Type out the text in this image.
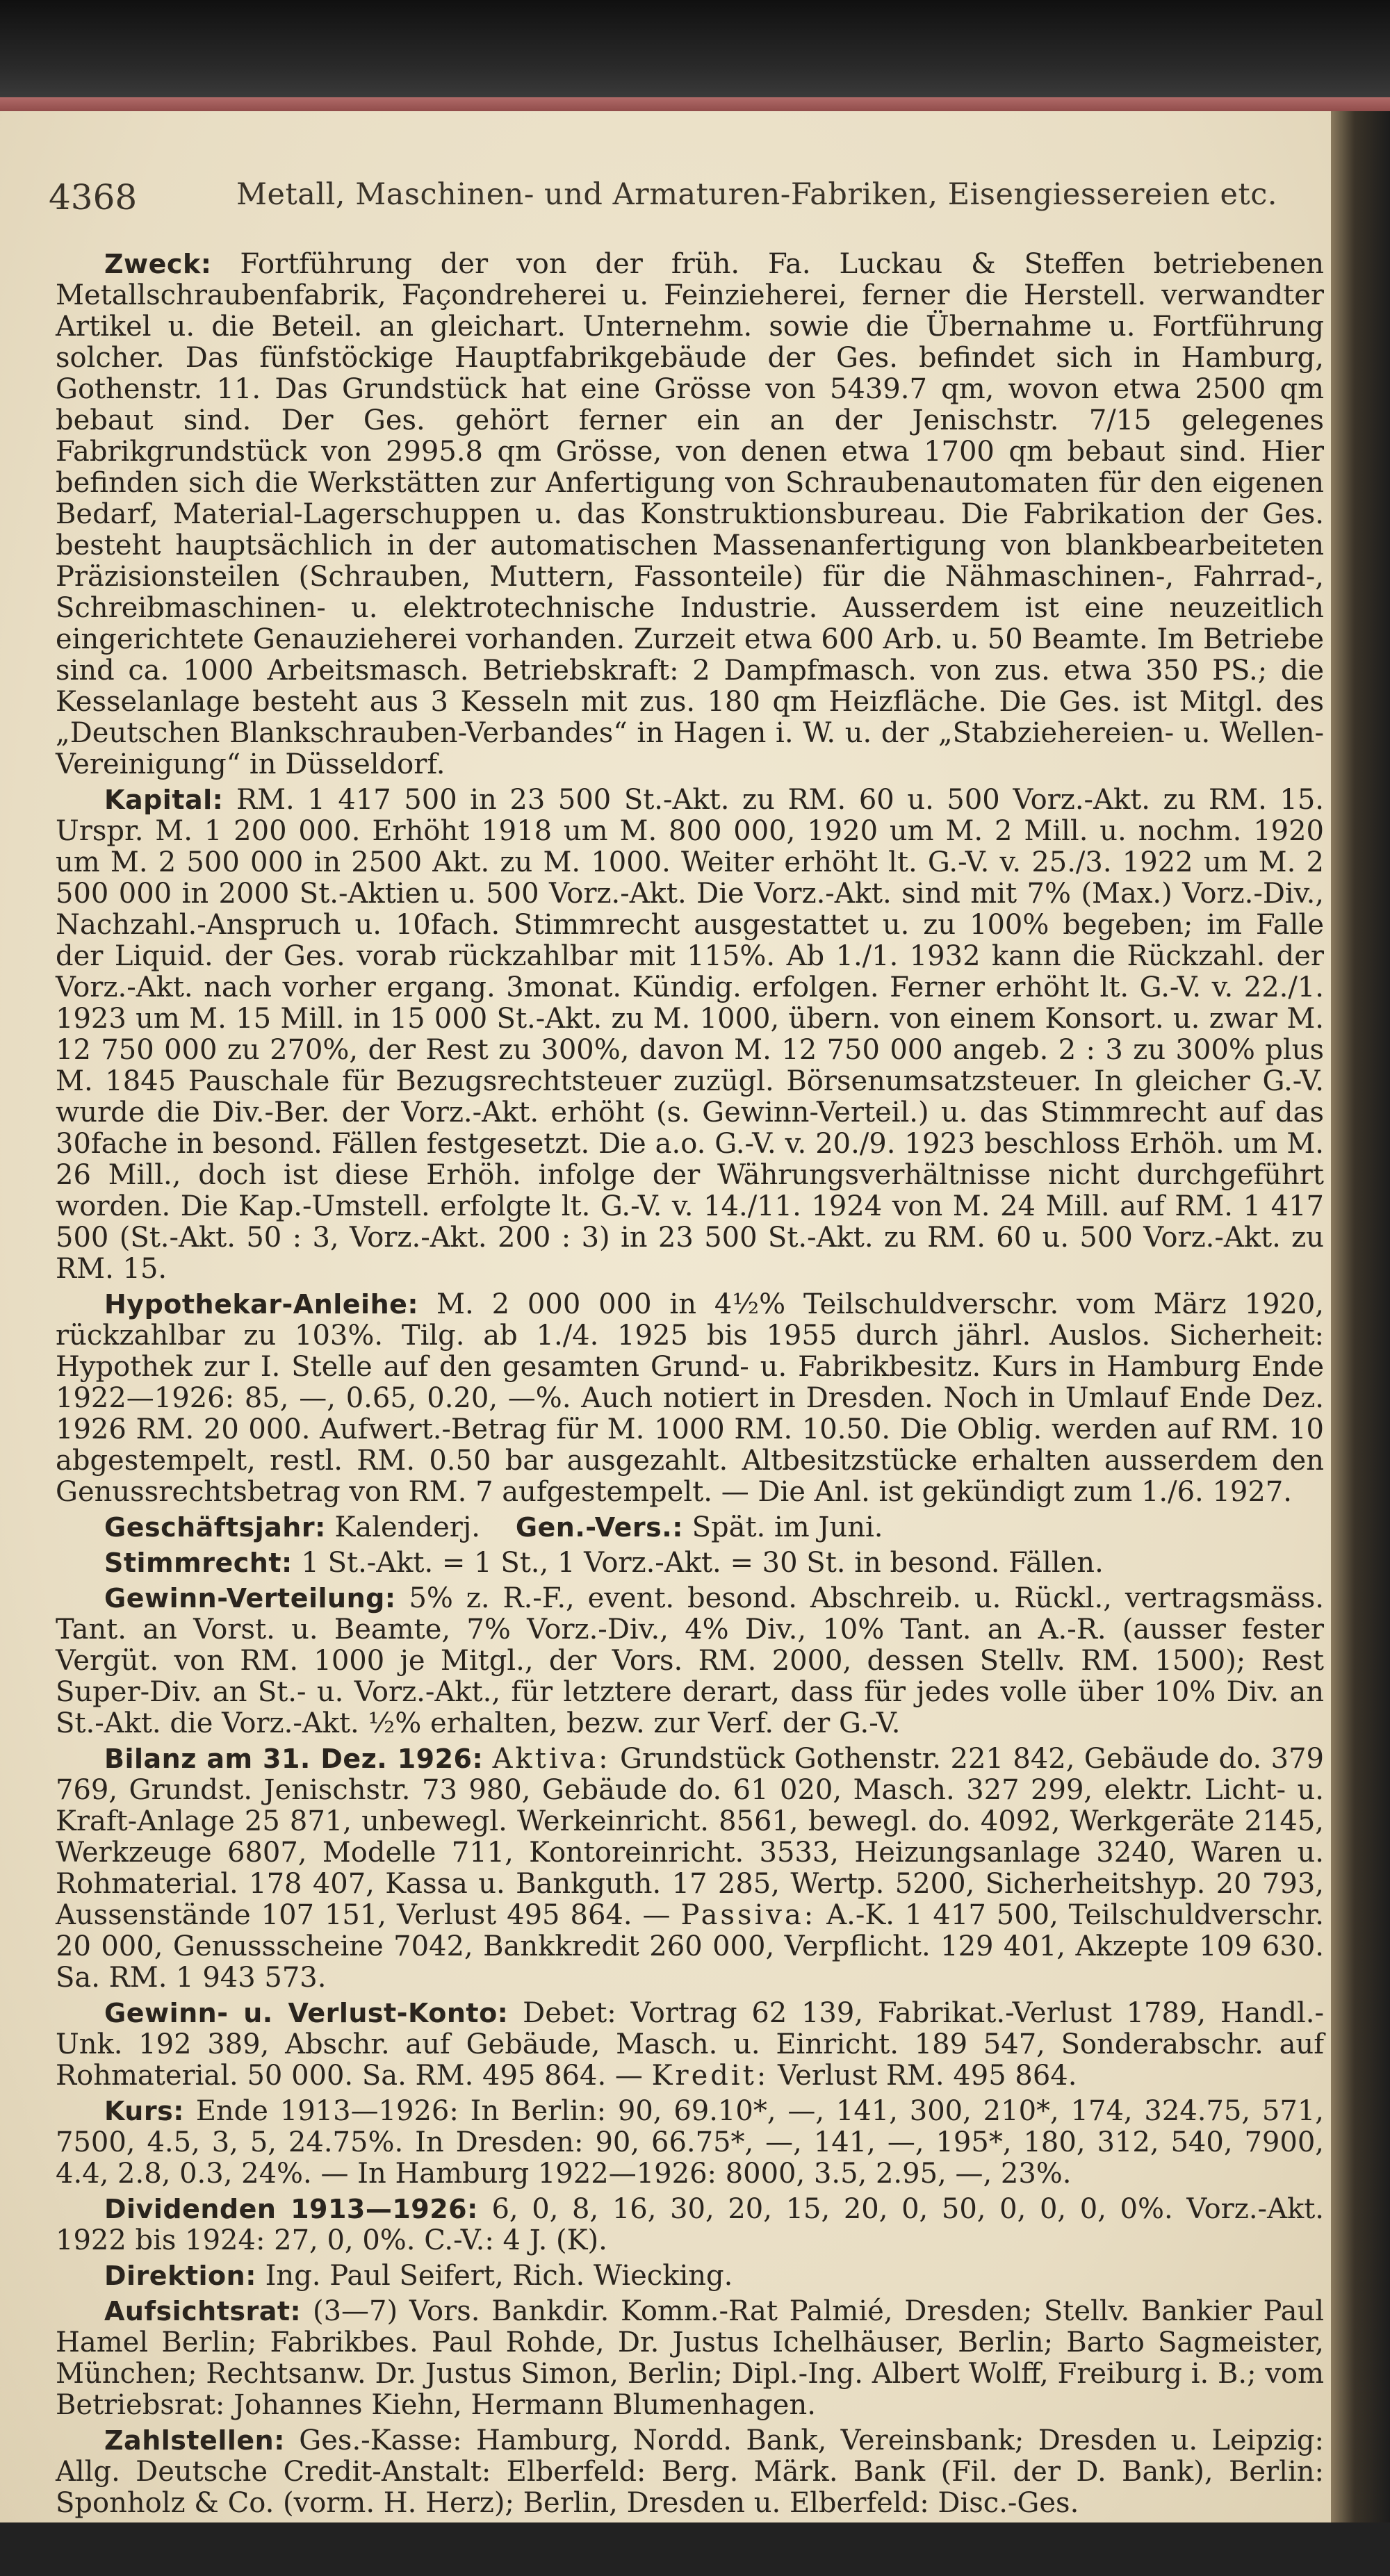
4368	Metall, Maschinen- und Armaturen-Fabriken, Eisengiessereien etc.

Zweck: Fortführung der von der früh. Fa. Luckau & Steffen betriebenen Metallschraubenfabrik, Façondreherei u. Feinzieherei, ferner die Herstell. verwandter Artikel u. die Beteil. an gleichart. Unternehm. sowie die Übernahme u. Fortführung solcher. Das fünfstöckige Hauptfabrikgebäude der Ges. befindet sich in Hamburg, Gothenstr. 11. Das Grundstück hat eine Grösse von 5439.7 qm, wovon etwa 2500 qm bebaut sind. Der Ges. gehört ferner ein an der Jenischstr. 7/15 gelegenes Fabrikgrundstück von 2995.8 qm Grösse, von denen etwa 1700 qm bebaut sind. Hier befinden sich die Werkstätten zur Anfertigung von Schraubenautomaten für den eigenen Bedarf, Material-Lagerschuppen u. das Konstruktionsbureau. Die Fabrikation der Ges. besteht hauptsächlich in der automatischen Massenanfertigung von blankbearbeiteten Präzisionsteilen (Schrauben, Muttern, Fassonteile) für die Nähmaschinen-, Fahrrad-, Schreibmaschinen- u. elektrotechnische Industrie. Ausserdem ist eine neuzeitlich eingerichtete Genauzieherei vorhanden. Zurzeit etwa 600 Arb. u. 50 Beamte. Im Betriebe sind ca. 1000 Arbeitsmasch. Betriebskraft: 2 Dampfmasch. von zus. etwa 350 PS.; die Kesselanlage besteht aus 3 Kesseln mit zus. 180 qm Heizfläche. Die Ges. ist Mitgl. des „Deutschen Blankschrauben-Verbandes“ in Hagen i. W. u. der „Stabziehereien- u. Wellen-Vereinigung“ in Düsseldorf.

Kapital: RM. 1 417 500 in 23 500 St.-Akt. zu RM. 60 u. 500 Vorz.-Akt. zu RM. 15. Urspr. M. 1 200 000. Erhöht 1918 um M. 800 000, 1920 um M. 2 Mill. u. nochm. 1920 um M. 2 500 000 in 2500 Akt. zu M. 1000. Weiter erhöht lt. G.-V. v. 25./3. 1922 um M. 2 500 000 in 2000 St.-Aktien u. 500 Vorz.-Akt. Die Vorz.-Akt. sind mit 7% (Max.) Vorz.-Div., Nachzahl.-Anspruch u. 10fach. Stimmrecht ausgestattet u. zu 100% begeben; im Falle der Liquid. der Ges. vorab rückzahlbar mit 115%. Ab 1./1. 1932 kann die Rückzahl. der Vorz.-Akt. nach vorher ergang. 3monat. Kündig. erfolgen. Ferner erhöht lt. G.-V. v. 22./1. 1923 um M. 15 Mill. in 15 000 St.-Akt. zu M. 1000, übern. von einem Konsort. u. zwar M. 12 750 000 zu 270%, der Rest zu 300%, davon M. 12 750 000 angeb. 2 : 3 zu 300% plus M. 1845 Pauschale für Bezugsrechtsteuer zuzügl. Börsenumsatzsteuer. In gleicher G.-V. wurde die Div.-Ber. der Vorz.-Akt. erhöht (s. Gewinn-Verteil.) u. das Stimmrecht auf das 30fache in besond. Fällen festgesetzt. Die a.o. G.-V. v. 20./9. 1923 beschloss Erhöh. um M. 26 Mill., doch ist diese Erhöh. infolge der Währungsverhältnisse nicht durchgeführt worden. Die Kap.-Umstell. erfolgte lt. G.-V. v. 14./11. 1924 von M. 24 Mill. auf RM. 1 417 500 (St.-Akt. 50 : 3, Vorz.-Akt. 200 : 3) in 23 500 St.-Akt. zu RM. 60 u. 500 Vorz.-Akt. zu RM. 15.

Hypothekar-Anleihe: M. 2 000 000 in 4½% Teilschuldverschr. vom März 1920, rückzahlbar zu 103%. Tilg. ab 1./4. 1925 bis 1955 durch jährl. Auslos. Sicherheit: Hypothek zur I. Stelle auf den gesamten Grund- u. Fabrikbesitz. Kurs in Hamburg Ende 1922—1926: 85, —, 0.65, 0.20, —%. Auch notiert in Dresden. Noch in Umlauf Ende Dez. 1926 RM. 20 000. Aufwert.-Betrag für M. 1000 RM. 10.50. Die Oblig. werden auf RM. 10 abgestempelt, restl. RM. 0.50 bar ausgezahlt. Altbesitzstücke erhalten ausserdem den Genussrechtsbetrag von RM. 7 aufgestempelt. — Die Anl. ist gekündigt zum 1./6. 1927.

Geschäftsjahr: Kalenderj. Gen.-Vers.: Spät. im Juni.

Stimmrecht: 1 St.-Akt. = 1 St., 1 Vorz.-Akt. = 30 St. in besond. Fällen.

Gewinn-Verteilung: 5% z. R.-F., event. besond. Abschreib. u. Rückl., vertragsmäss. Tant. an Vorst. u. Beamte, 7% Vorz.-Div., 4% Div., 10% Tant. an A.-R. (ausser fester Vergüt. von RM. 1000 je Mitgl., der Vors. RM. 2000, dessen Stellv. RM. 1500); Rest Super-Div. an St.- u. Vorz.-Akt., für letztere derart, dass für jedes volle über 10% Div. an St.-Akt. die Vorz.-Akt. ½% erhalten, bezw. zur Verf. der G.-V.

Bilanz am 31. Dez. 1926: Aktiva: Grundstück Gothenstr. 221 842, Gebäude do. 379 769, Grundst. Jenischstr. 73 980, Gebäude do. 61 020, Masch. 327 299, elektr. Licht- u. Kraft-Anlage 25 871, unbewegl. Werkeinricht. 8561, bewegl. do. 4092, Werkgeräte 2145, Werkzeuge 6807, Modelle 711, Kontoreinricht. 3533, Heizungsanlage 3240, Waren u. Rohmaterial. 178 407, Kassa u. Bankguth. 17 285, Wertp. 5200, Sicherheitshyp. 20 793, Aussenstände 107 151, Verlust 495 864. — Passiva: A.-K. 1 417 500, Teilschuldverschr. 20 000, Genussscheine 7042, Bankkredit 260 000, Verpflicht. 129 401, Akzepte 109 630. Sa. RM. 1 943 573.

Gewinn- u. Verlust-Konto: Debet: Vortrag 62 139, Fabrikat.-Verlust 1789, Handl.-Unk. 192 389, Abschr. auf Gebäude, Masch. u. Einricht. 189 547, Sonderabschr. auf Rohmaterial. 50 000. Sa. RM. 495 864. — Kredit: Verlust RM. 495 864.

Kurs: Ende 1913—1926: In Berlin: 90, 69.10*, —, 141, 300, 210*, 174, 324.75, 571, 7500, 4.5, 3, 5, 24.75%. In Dresden: 90, 66.75*, —, 141, —, 195*, 180, 312, 540, 7900, 4.4, 2.8, 0.3, 24%. — In Hamburg 1922—1926: 8000, 3.5, 2.95, —, 23%.

Dividenden 1913—1926: 6, 0, 8, 16, 30, 20, 15, 20, 0, 50, 0, 0, 0, 0%. Vorz.-Akt. 1922 bis 1924: 27, 0, 0%. C.-V.: 4 J. (K).

Direktion: Ing. Paul Seifert, Rich. Wiecking.

Aufsichtsrat: (3—7) Vors. Bankdir. Komm.-Rat Palmié, Dresden; Stellv. Bankier Paul Hamel Berlin; Fabrikbes. Paul Rohde, Dr. Justus Ichelhäuser, Berlin; Barto Sagmeister, München; Rechtsanw. Dr. Justus Simon, Berlin; Dipl.-Ing. Albert Wolff, Freiburg i. B.; vom Betriebsrat: Johannes Kiehn, Hermann Blumenhagen.

Zahlstellen: Ges.-Kasse: Hamburg, Nordd. Bank, Vereinsbank; Dresden u. Leipzig: Allg. Deutsche Credit-Anstalt: Elberfeld: Berg. Märk. Bank (Fil. der D. Bank), Berlin: Sponholz & Co. (vorm. H. Herz); Berlin, Dresden u. Elberfeld: Disc.-Ges.
